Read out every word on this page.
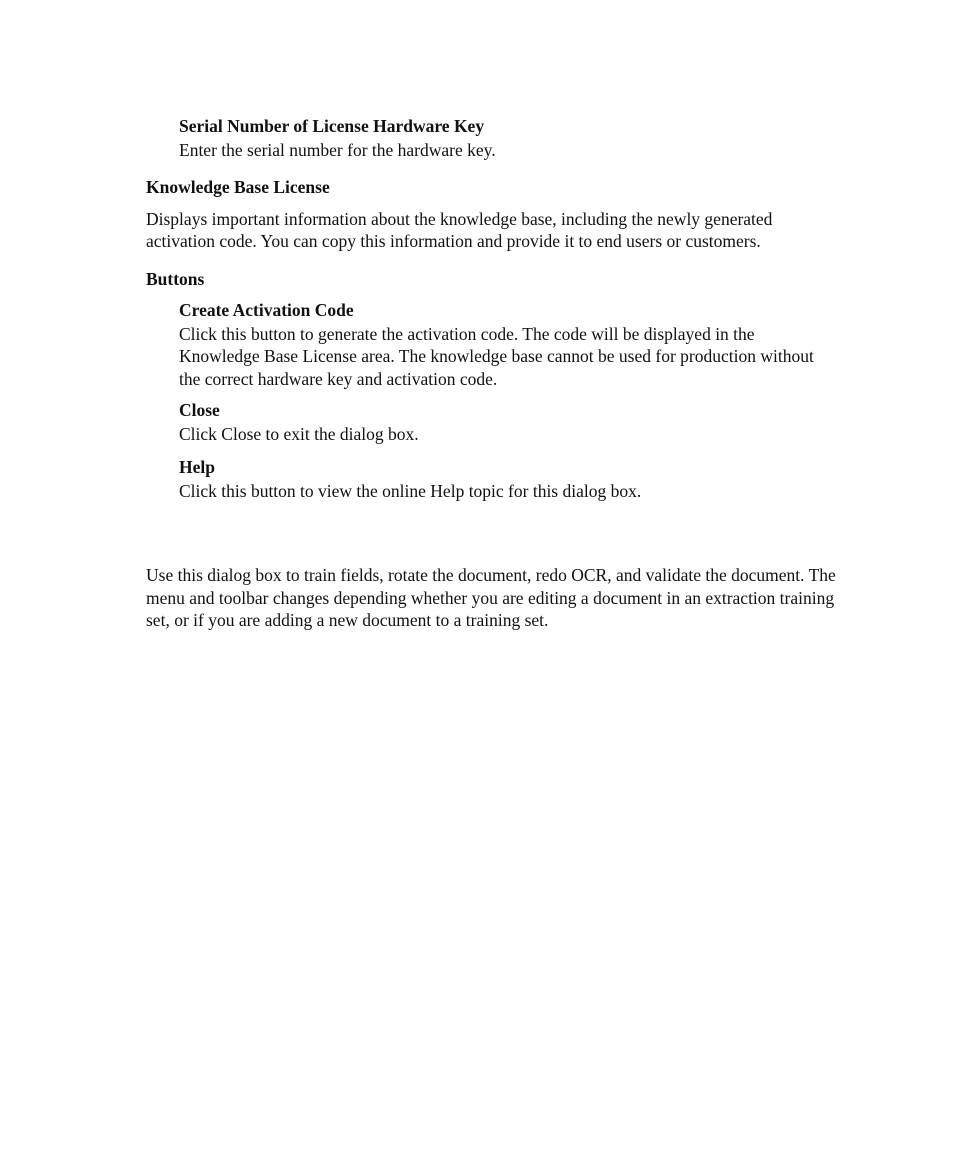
Serial Number of License Hardware Key

Enter the serial number for the hardware key.

Knowledge Base License

Displays important information about the knowledge base, including the newly generated activation code. You can copy this information and provide it to end users or customers.

Buttons

Create Activation Code

Click this button to generate the activation code. The code will be displayed in the Knowledge Base License area. The knowledge base cannot be used for production without the correct hardware key and activation code.

Close

Click Close to exit the dialog box.

Help

Click this button to view the online Help topic for this dialog box.

Use this dialog box to train fields, rotate the document, redo OCR, and validate the document. The menu and toolbar changes depending whether you are editing a document in an extraction training set, or if you are adding a new document to a training set.
